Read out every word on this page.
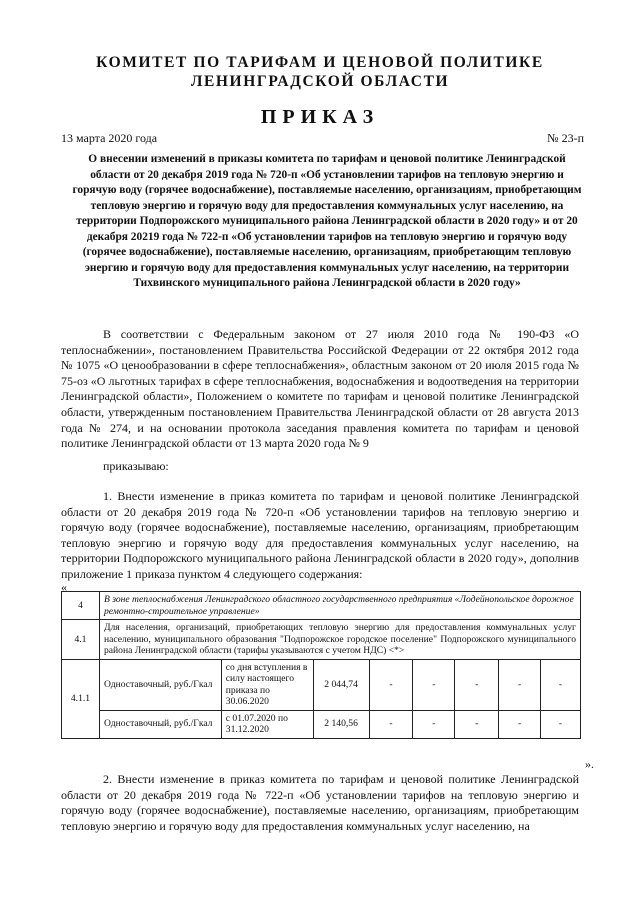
КОМИТЕТ ПО ТАРИФАМ И ЦЕНОВОЙ ПОЛИТИКЕ
ЛЕНИНГРАДСКОЙ ОБЛАСТИ
ПРИКАЗ
13 марта 2020 года	№ 23-п
О внесении изменений в приказы комитета по тарифам и ценовой политике Ленинградской области от 20 декабря 2019 года № 720-п «Об установлении тарифов на тепловую энергию и горячую воду (горячее водоснабжение), поставляемые населению, организациям, приобретающим тепловую энергию и горячую воду для предоставления коммунальных услуг населению, на территории Подпорожского муниципального района Ленинградской области в 2020 году» и от 20 декабря 20219 года № 722-п «Об установлении тарифов на тепловую энергию и горячую воду (горячее водоснабжение), поставляемые населению, организациям, приобретающим тепловую энергию и горячую воду для предоставления коммунальных услуг населению, на территории Тихвинского муниципального района Ленинградской области в 2020 году»
В соответствии с Федеральным законом от 27 июля 2010 года № 190-ФЗ «О теплоснабжении», постановлением Правительства Российской Федерации от 22 октября 2012 года № 1075 «О ценообразовании в сфере теплоснабжения», областным законом от 20 июля 2015 года № 75-оз «О льготных тарифах в сфере теплоснабжения, водоснабжения и водоотведения на территории Ленинградской области», Положением о комитете по тарифам и ценовой политике Ленинградской области, утвержденным постановлением Правительства Ленинградской области от 28 августа 2013 года № 274, и на основании протокола заседания правления комитета по тарифам и ценовой политике Ленинградской области от 13 марта 2020 года № 9
приказываю:
1. Внести изменение в приказ комитета по тарифам и ценовой политике Ленинградской области от 20 декабря 2019 года № 720-п «Об установлении тарифов на тепловую энергию и горячую воду (горячее водоснабжение), поставляемые населению, организациям, приобретающим тепловую энергию и горячую воду для предоставления коммунальных услуг населению, на территории Подпорожского муниципального района Ленинградской области в 2020 году», дополнив приложение 1 приказа пунктом 4 следующего содержания:
«
4	В зоне теплоснабжения Ленинградского областного государственного предприятия «Лодейнопольское дорожное ремонтно-строительное управление»							
4.1	Для населения, организаций, приобретающих тепловую энергию для предоставления коммунальных услуг населению, муниципального образования "Подпорожское городское поселение" Подпорожского муниципального района Ленинградской области (тарифы указываются с учетом НДС) <*>							
4.1.1	Одноставочный, руб./Гкал	со дня вступления в силу настоящего приказа по 30.06.2020	2 044,74	-	-	-	-	-
	Одноставочный, руб./Гкал	с 01.07.2020 по 31.12.2020	2 140,56	-	-	-	-	-
».
2. Внести изменение в приказ комитета по тарифам и ценовой политике Ленинградской области от 20 декабря 2019 года № 722-п «Об установлении тарифов на тепловую энергию и горячую воду (горячее водоснабжение), поставляемые населению, организациям, приобретающим тепловую энергию и горячую воду для предоставления коммунальных услуг населению, на
